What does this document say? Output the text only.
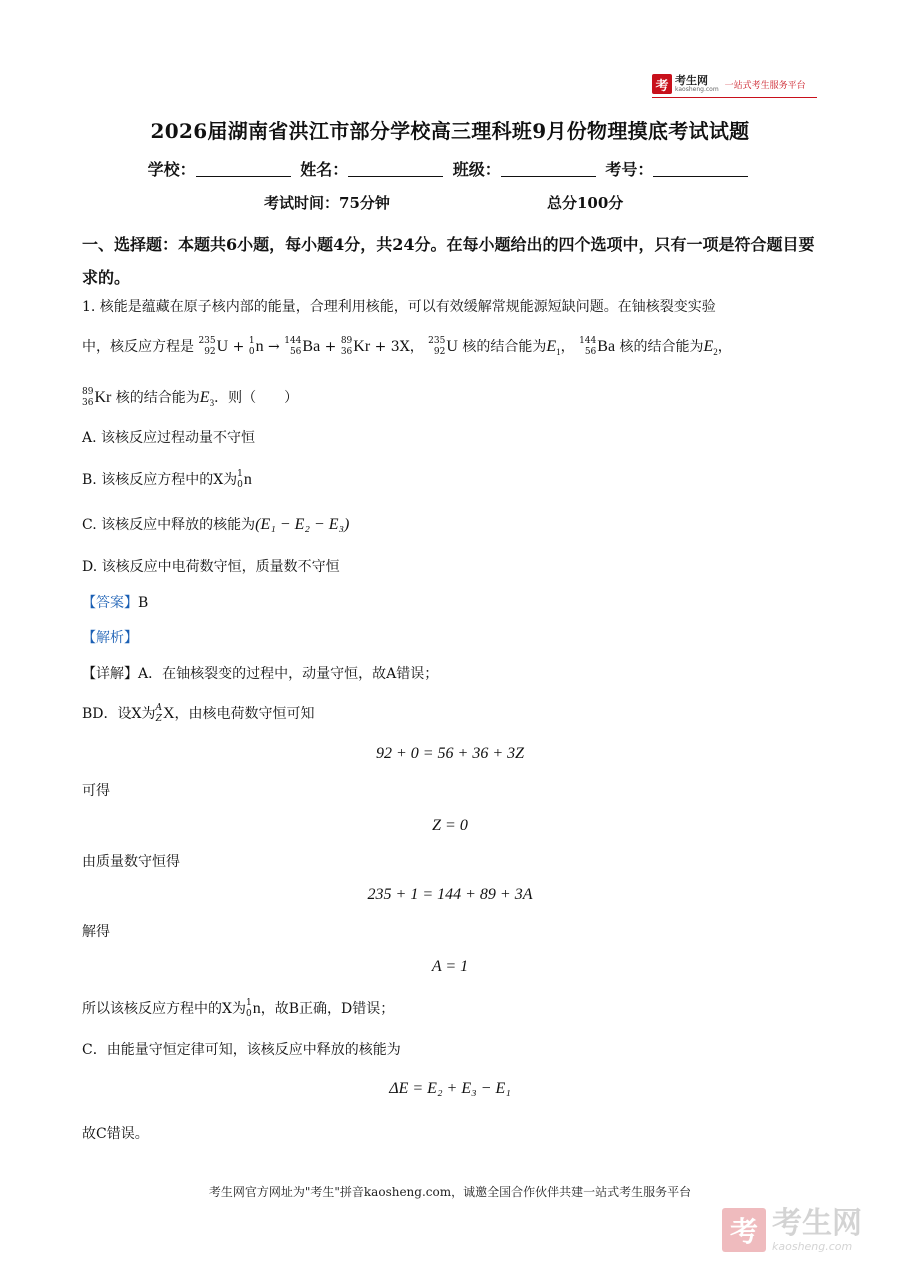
考 考生网
kaosheng.com 一站式考生服务平台
2026届湖南省洪江市部分学校高三理科班9月份物理摸底考试试题
学校：	姓名：	班级：	考号：
考试时间：75分钟	总分100分
一、选择题：本题共6小题，每小题4分，共24分。在每小题给出的四个选项中，只有一项是符合题目要求的。
1. 核能是蕴藏在原子核内部的能量，合理利用核能，可以有效缓解常规能源短缺问题。在铀核裂变实验
中，核反应方程是 235
92 U + 1
0 n → 144
56 Ba + 89
36 Kr + 3X， 235
92 U 核的结合能为$E_1$， 144
56 Ba 核的结合能为$E_2$，
89
36 Kr 核的结合能为$E_3$．则（　　）
A. 该核反应过程动量不守恒
B. 该核反应方程中的X为 1
0 n
C. 该核反应中释放的核能为(E₁ − E₂ − E₃)
D. 该核反应中电荷数守恒，质量数不守恒
【答案】B
【解析】
【详解】A．在铀核裂变的过程中，动量守恒，故A错误；
BD．设X为 A
Z X ，由核电荷数守恒可知
92 + 0 = 56 + 36 + 3Z
可得
Z = 0
由质量数守恒得
235 + 1 = 144 + 89 + 3A
解得
A = 1
所以该核反应方程中的X为 1
0 n ，故B正确，D错误；
C．由能量守恒定律可知，该核反应中释放的核能为
ΔE = E₂ + E₃ − E₁
故C错误。
考生网官方网址为"考生"拼音kaosheng.com，诚邀全国合作伙伴共建一站式考生服务平台
考 考生网
kaosheng.com
